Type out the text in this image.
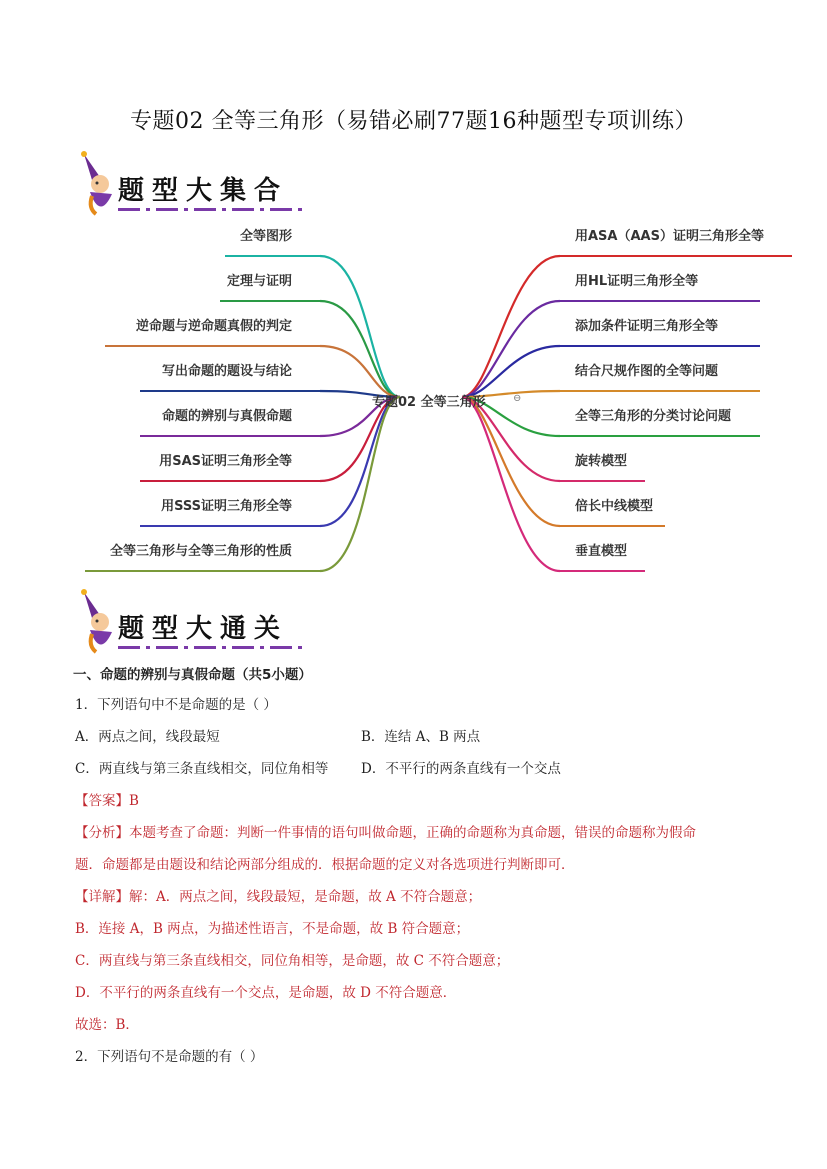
专题02 全等三角形（易错必刷77题16种题型专项训练）
题型大集合
全等图形
定理与证明
逆命题与逆命题真假的判定
写出命题的题设与结论
命题的辨别与真假命题
用SAS证明三角形全等
用SSS证明三角形全等
全等三角形与全等三角形的性质
用ASA（AAS）证明三角形全等
用HL证明三角形全等
添加条件证明三角形全等
结合尺规作图的全等问题
全等三角形的分类讨论问题
旋转模型
倍长中线模型
垂直模型
专题02 全等三角形	⊖
题型大通关
一、命题的辨别与真假命题（共5小题）
1．下列语句中不是命题的是（ ）
A．两点之间，线段最短	B．连结 A、B 两点
C．两直线与第三条直线相交，同位角相等 D．不平行的两条直线有一个交点
【答案】B
【分析】本题考查了命题：判断一件事情的语句叫做命题，正确的命题称为真命题，错误的命题称为假命
题．命题都是由题设和结论两部分组成的．根据命题的定义对各选项进行判断即可．
【详解】解：A．两点之间，线段最短，是命题，故 A 不符合题意；
B．连接 A，B 两点，为描述性语言，不是命题，故 B 符合题意；
C．两直线与第三条直线相交，同位角相等，是命题，故 C 不符合题意；
D．不平行的两条直线有一个交点，是命题，故 D 不符合题意．
故选：B．
2．下列语句不是命题的有（ ）
